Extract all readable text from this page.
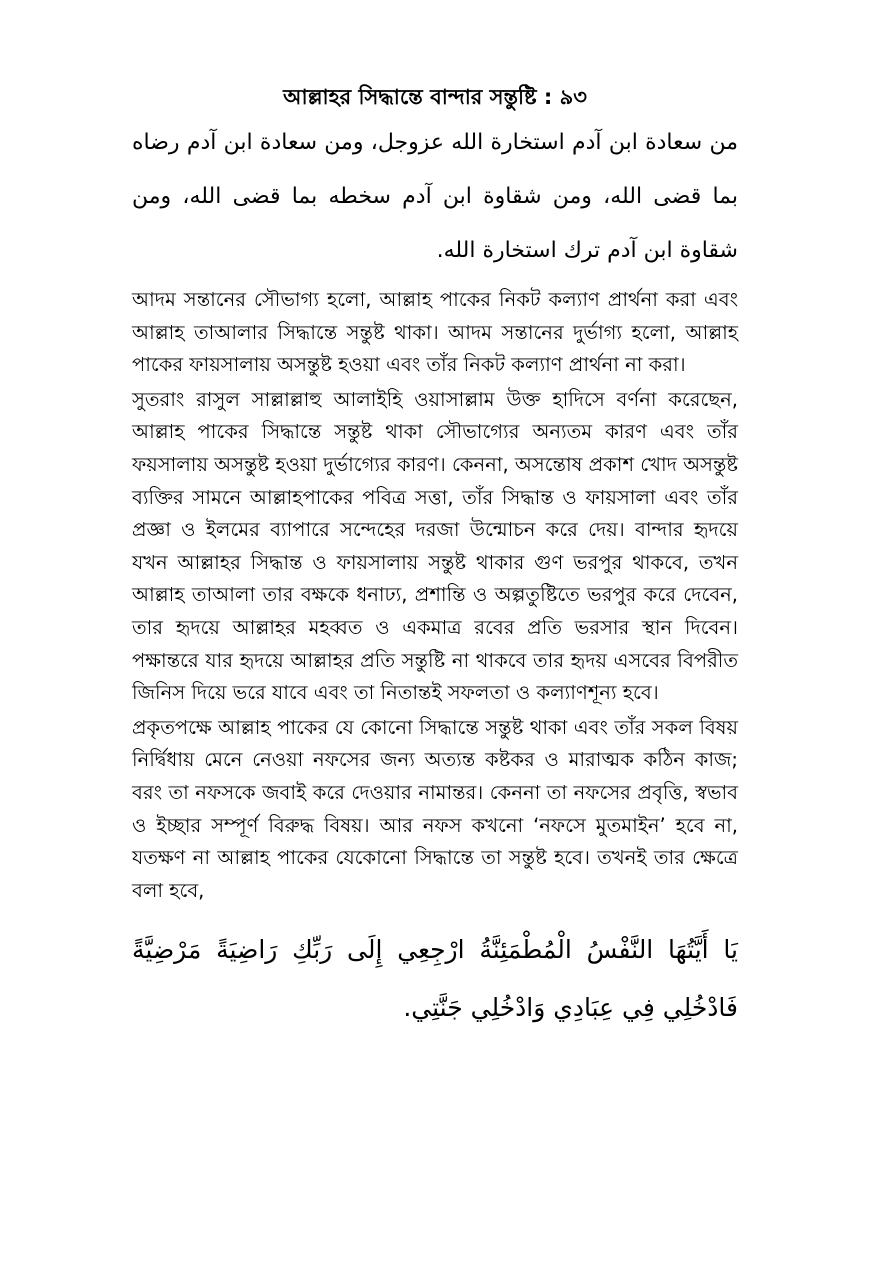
আল্লাহর সিদ্ধান্তে বান্দার সন্তুষ্টি : ৯৩
من سعادة ابن آدم استخارة الله عزوجل، ومن سعادة ابن آدم رضاه بما قضى الله، ومن شقاوة ابن آدم سخطه بما قضى الله، ومن شقاوة ابن آدم ترك استخارة الله.
আদম সন্তানের সৌভাগ্য হলো, আল্লাহ পাকের নিকট কল্যাণ প্রার্থনা করা এবং আল্লাহ তাআলার সিদ্ধান্তে সন্তুষ্ট থাকা। আদম সন্তানের দুর্ভাগ্য হলো, আল্লাহ পাকের ফায়সালায় অসন্তুষ্ট হওয়া এবং তাঁর নিকট কল্যাণ প্রার্থনা না করা।
সুতরাং রাসুল সাল্লাল্লাহু আলাইহি ওয়াসাল্লাম উক্ত হাদিসে বর্ণনা করেছেন, আল্লাহ পাকের সিদ্ধান্তে সন্তুষ্ট থাকা সৌভাগ্যের অন্যতম কারণ এবং তাঁর ফয়সালায় অসন্তুষ্ট হওয়া দুর্ভাগ্যের কারণ। কেননা, অসন্তোষ প্রকাশ খোদ অসন্তুষ্ট ব্যক্তির সামনে আল্লাহপাকের পবিত্র সত্তা, তাঁর সিদ্ধান্ত ও ফায়সালা এবং তাঁর প্রজ্ঞা ও ইলমের ব্যাপারে সন্দেহের দরজা উন্মোচন করে দেয়। বান্দার হৃদয়ে যখন আল্লাহর সিদ্ধান্ত ও ফায়সালায় সন্তুষ্ট থাকার গুণ ভরপুর থাকবে, তখন আল্লাহ তাআলা তার বক্ষকে ধনাঢ্য, প্রশান্তি ও অল্পতুষ্টিতে ভরপুর করে দেবেন, তার হৃদয়ে আল্লাহর মহব্বত ও একমাত্র রবের প্রতি ভরসার স্থান দিবেন। পক্ষান্তরে যার হৃদয়ে আল্লাহর প্রতি সন্তুষ্টি না থাকবে তার হৃদয় এসবের বিপরীত জিনিস দিয়ে ভরে যাবে এবং তা নিতান্তই সফলতা ও কল্যাণশূন্য হবে।
প্রকৃতপক্ষে আল্লাহ পাকের যে কোনো সিদ্ধান্তে সন্তুষ্ট থাকা এবং তাঁর সকল বিষয় নির্দ্বিধায় মেনে নেওয়া নফসের জন্য অত্যন্ত কষ্টকর ও মারাত্মক কঠিন কাজ; বরং তা নফসকে জবাই করে দেওয়ার নামান্তর। কেননা তা নফসের প্রবৃত্তি, স্বভাব ও ইচ্ছার সম্পূর্ণ বিরুদ্ধ বিষয়। আর নফস কখনো ‘নফসে মুতমাইন’ হবে না, যতক্ষণ না আল্লাহ পাকের যেকোনো সিদ্ধান্তে তা সন্তুষ্ট হবে। তখনই তার ক্ষেত্রে বলা হবে,
يَا أَيَّتُهَا النَّفْسُ الْمُطْمَئِنَّةُ ارْجِعِي إِلَى رَبِّكِ رَاضِيَةً مَرْضِيَّةً فَادْخُلِي فِي عِبَادِي وَادْخُلِي جَنَّتِي.
